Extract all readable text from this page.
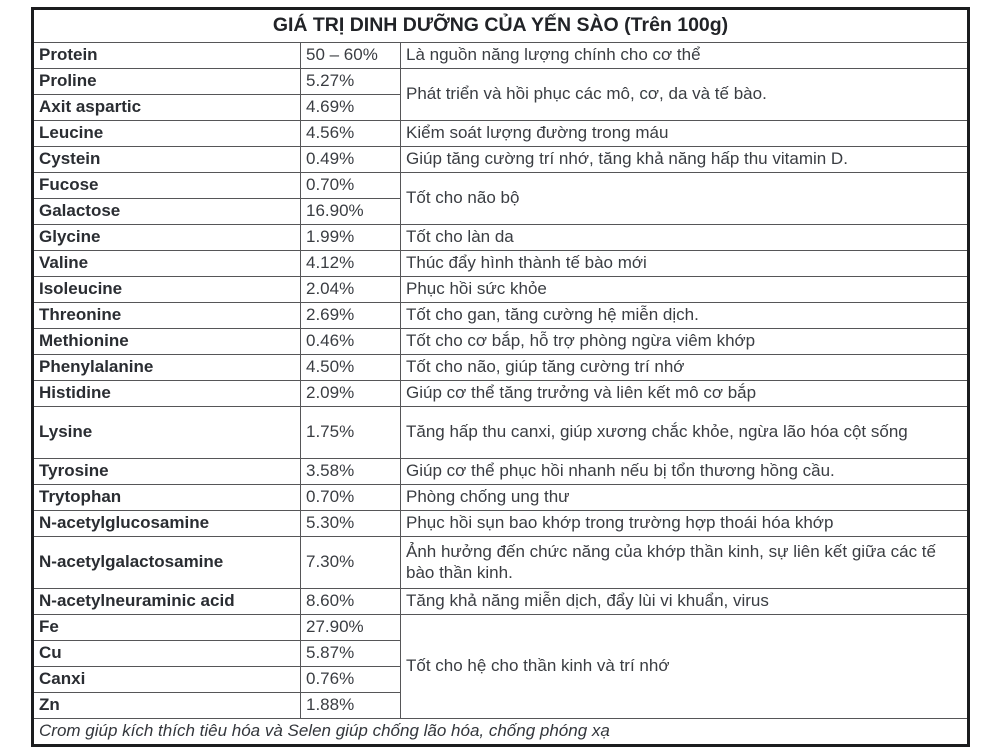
GIÁ TRỊ DINH DƯỠNG CỦA YẾN SÀO (Trên 100g)		
Protein	50 – 60%	Là nguồn năng lượng chính cho cơ thể
Proline	5.27%	Phát triển và hồi phục các mô, cơ, da và tế bào.
Axit aspartic	4.69%	
Leucine	4.56%	Kiểm soát lượng đường trong máu
Cystein	0.49%	Giúp tăng cường trí nhớ, tăng khả năng hấp thu vitamin D.
Fucose	0.70%	Tốt cho não bộ
Galactose	16.90%	
Glycine	1.99%	Tốt cho làn da
Valine	4.12%	Thúc đẩy hình thành tế bào mới
Isoleucine	2.04%	Phục hồi sức khỏe
Threonine	2.69%	Tốt cho gan, tăng cường hệ miễn dịch.
Methionine	0.46%	Tốt cho cơ bắp, hỗ trợ phòng ngừa viêm khớp
Phenylalanine	4.50%	Tốt cho não, giúp tăng cường trí nhớ
Histidine	2.09%	Giúp cơ thể tăng trưởng và liên kết mô cơ bắp
Lysine	1.75%	Tăng hấp thu canxi, giúp xương chắc khỏe, ngừa lão hóa cột sống
Tyrosine	3.58%	Giúp cơ thể phục hồi nhanh nếu bị tổn thương hồng cầu.
Trytophan	0.70%	Phòng chống ung thư
N-acetylglucosamine	5.30%	Phục hồi sụn bao khớp trong trường hợp thoái hóa khớp
N-acetylgalactosamine	7.30%	Ảnh hưởng đến chức năng của khớp thần kinh, sự liên kết giữa các tế bào thần kinh.
N-acetylneuraminic acid	8.60%	Tăng khả năng miễn dịch, đẩy lùi vi khuẩn, virus
Fe	27.90%	Tốt cho hệ cho thần kinh và trí nhớ
Cu	5.87%	
Canxi	0.76%	
Zn	1.88%	
Crom giúp kích thích tiêu hóa và Selen giúp chống lão hóa, chống phóng xạ		
